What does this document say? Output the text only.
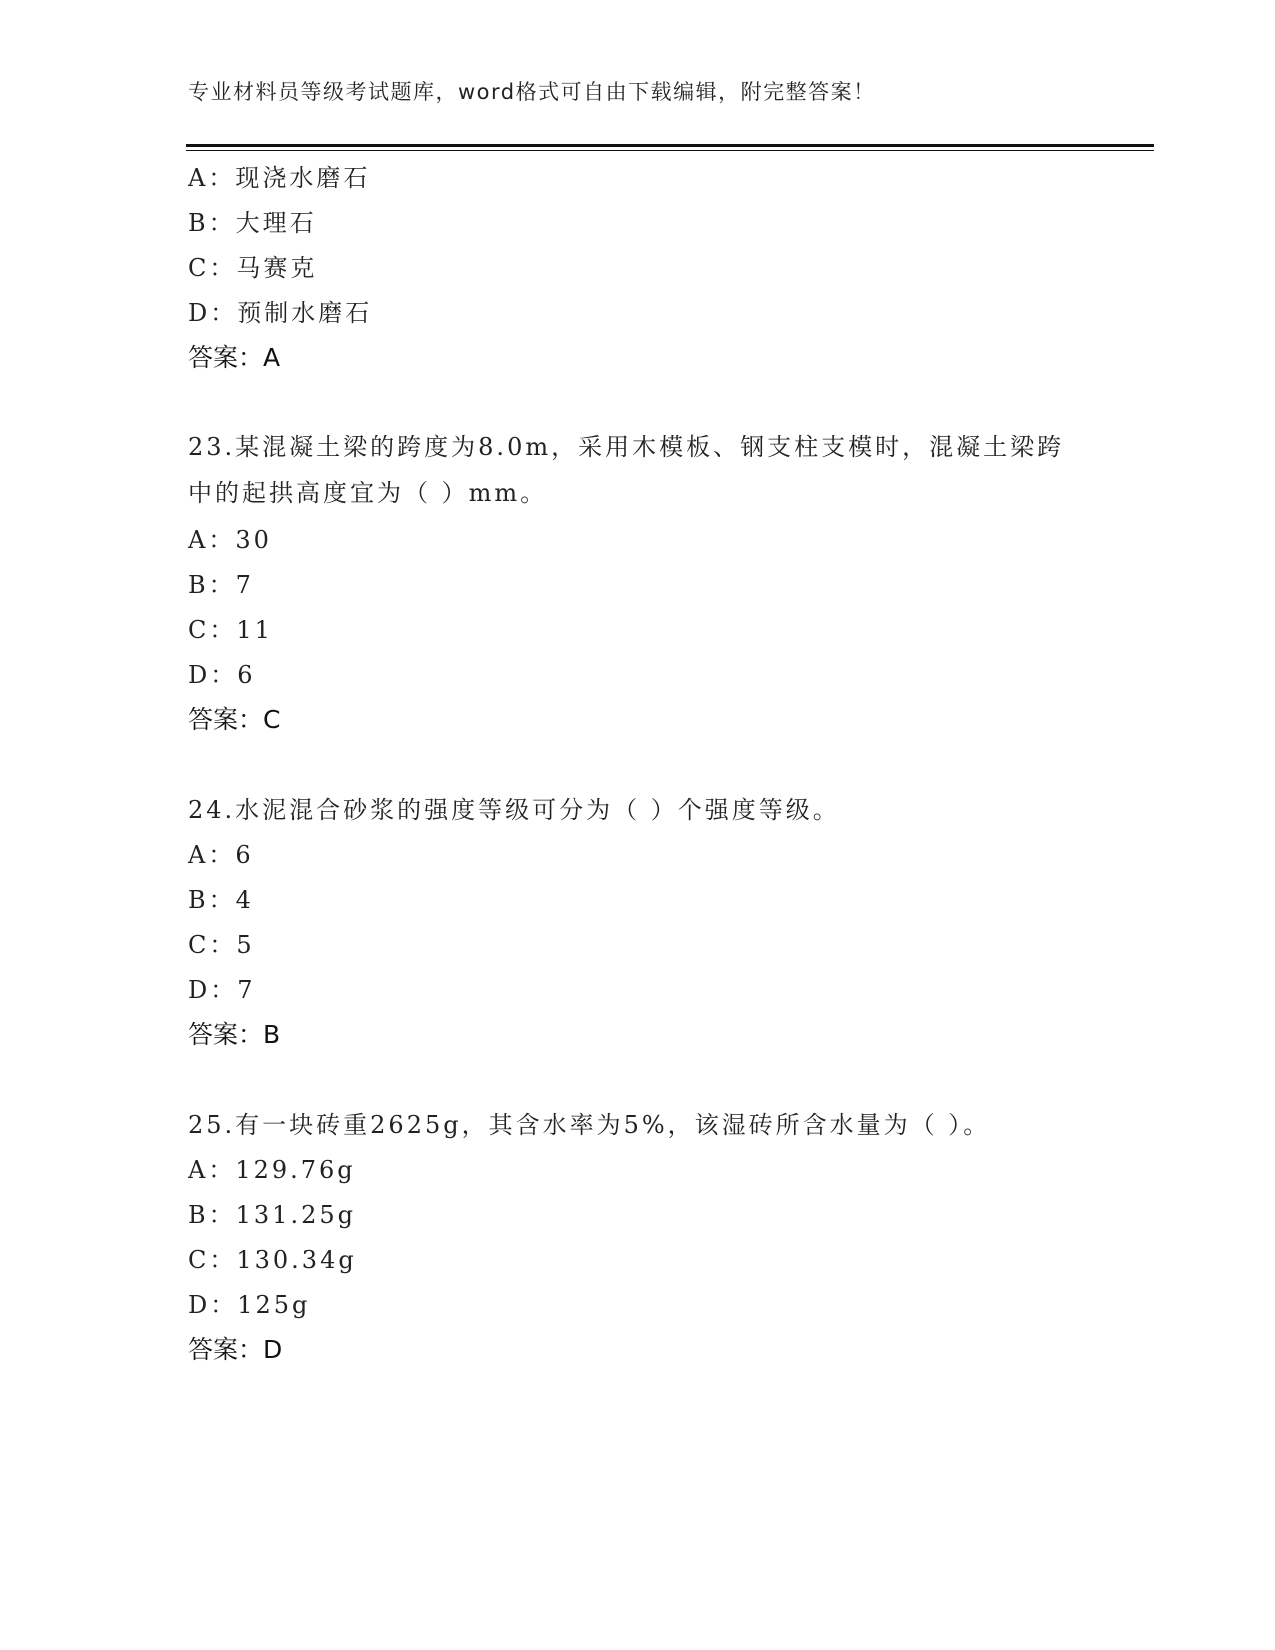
专业材料员等级考试题库，word格式可自由下载编辑，附完整答案！
A：现浇水磨石
B：大理石
C：马赛克
D：预制水磨石
答案：A
23.某混凝土梁的跨度为8.0m，采用木模板、钢支柱支模时，混凝土梁跨中的起拱高度宜为（ ）mm。
A：30
B：7
C：11
D：6
答案：C
24.水泥混合砂浆的强度等级可分为（ ）个强度等级。
A：6
B：4
C：5
D：7
答案：B
25.有一块砖重2625g，其含水率为5%，该湿砖所含水量为（ ）。
A：129.76g
B：131.25g
C：130.34g
D：125g
答案：D
